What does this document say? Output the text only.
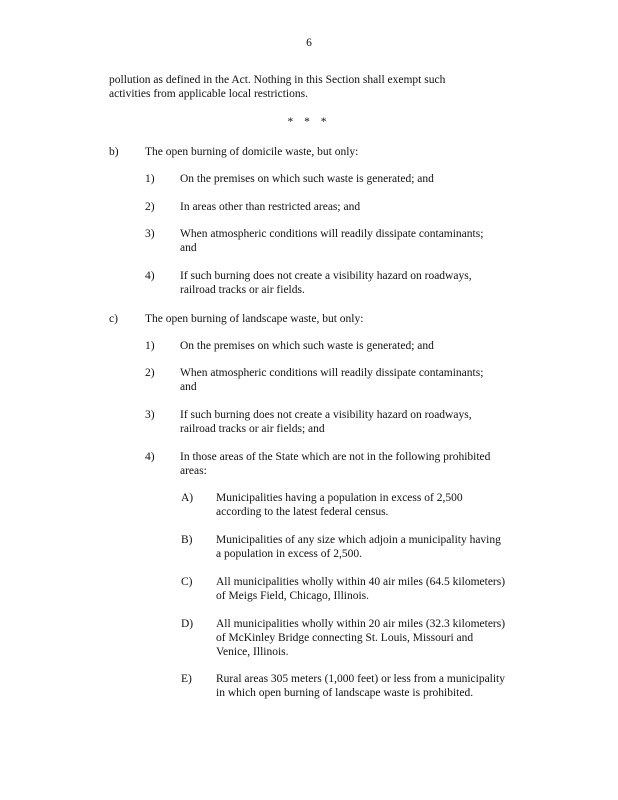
6
pollution as defined in the Act. Nothing in this Section shall exempt such activities from applicable local restrictions.
* * *
b) The open burning of domicile waste, but only:
1) On the premises on which such waste is generated; and
2) In areas other than restricted areas; and
3) When atmospheric conditions will readily dissipate contaminants; and
4) If such burning does not create a visibility hazard on roadways, railroad tracks or air fields.
c) The open burning of landscape waste, but only:
1) On the premises on which such waste is generated; and
2) When atmospheric conditions will readily dissipate contaminants; and
3) If such burning does not create a visibility hazard on roadways, railroad tracks or air fields; and
4) In those areas of the State which are not in the following prohibited areas:
A) Municipalities having a population in excess of 2,500 according to the latest federal census.
B) Municipalities of any size which adjoin a municipality having a population in excess of 2,500.
C) All municipalities wholly within 40 air miles (64.5 kilometers) of Meigs Field, Chicago, Illinois.
D) All municipalities wholly within 20 air miles (32.3 kilometers) of McKinley Bridge connecting St. Louis, Missouri and Venice, Illinois.
E) Rural areas 305 meters (1,000 feet) or less from a municipality in which open burning of landscape waste is prohibited.
